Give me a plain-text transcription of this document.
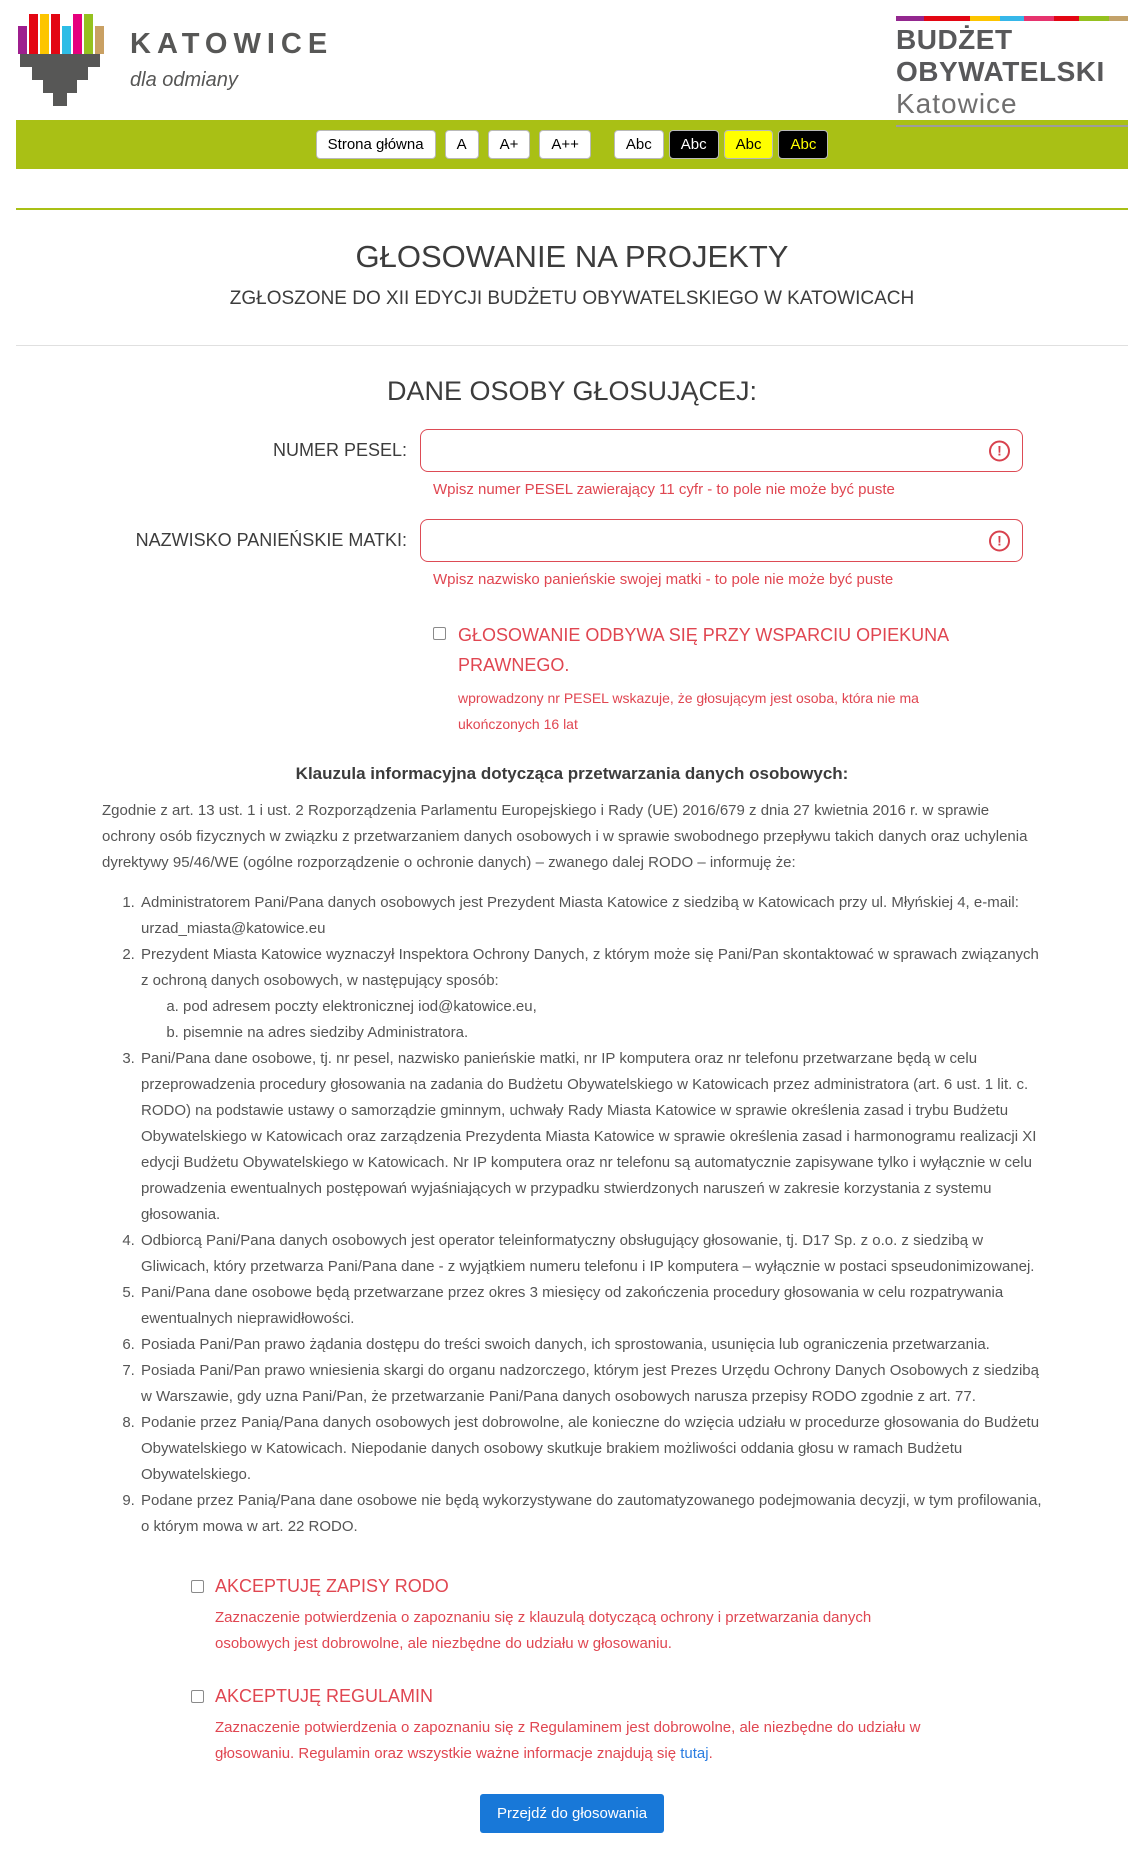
KATOWICE
dla odmiany
BUDŻET
OBYWATELSKI
Katowice
Strona główna	A	A+	A++	Abc	Abc	Abc	Abc
GŁOSOWANIE NA PROJEKTY
ZGŁOSZONE DO XII EDYCJI BUDŻETU OBYWATELSKIEGO W KATOWICACH
DANE OSOBY GŁOSUJĄCEJ:
NUMER PESEL:	!
Wpisz numer PESEL zawierający 11 cyfr - to pole nie może być puste
NAZWISKO PANIEŃSKIE MATKI:	!
Wpisz nazwisko panieńskie swojej matki - to pole nie może być puste
GŁOSOWANIE ODBYWA SIĘ PRZY WSPARCIU OPIEKUNA PRAWNEGO.

wprowadzony nr PESEL wskazuje, że głosującym jest osoba, która nie ma ukończonych 16 lat

Klauzula informacyjna dotycząca przetwarzania danych osobowych:

Zgodnie z art. 13 ust. 1 i ust. 2 Rozporządzenia Parlamentu Europejskiego i Rady (UE) 2016/679 z dnia 27 kwietnia 2016 r. w sprawie ochrony osób fizycznych w związku z przetwarzaniem danych osobowych i w sprawie swobodnego przepływu takich danych oraz uchylenia dyrektywy 95/46/WE (ogólne rozporządzenie o ochronie danych) – zwanego dalej RODO – informuję że:

1. Administratorem Pani/Pana danych osobowych jest Prezydent Miasta Katowice z siedzibą w Katowicach przy ul. Młyńskiej 4, e-mail: urzad_miasta@katowice.eu
2. Prezydent Miasta Katowice wyznaczył Inspektora Ochrony Danych, z którym może się Pani/Pan skontaktować w sprawach związanych z ochroną danych osobowych, w następujący sposób:
a. pod adresem poczty elektronicznej iod@katowice.eu,
b. pisemnie na adres siedziby Administratora.
3. Pani/Pana dane osobowe, tj. nr pesel, nazwisko panieńskie matki, nr IP komputera oraz nr telefonu przetwarzane będą w celu przeprowadzenia procedury głosowania na zadania do Budżetu Obywatelskiego w Katowicach przez administratora (art. 6 ust. 1 lit. c. RODO) na podstawie ustawy o samorządzie gminnym, uchwały Rady Miasta Katowice w sprawie określenia zasad i trybu Budżetu Obywatelskiego w Katowicach oraz zarządzenia Prezydenta Miasta Katowice w sprawie określenia zasad i harmonogramu realizacji XI edycji Budżetu Obywatelskiego w Katowicach. Nr IP komputera oraz nr telefonu są automatycznie zapisywane tylko i wyłącznie w celu prowadzenia ewentualnych postępowań wyjaśniających w przypadku stwierdzonych naruszeń w zakresie korzystania z systemu głosowania.
4. Odbiorcą Pani/Pana danych osobowych jest operator teleinformatyczny obsługujący głosowanie, tj. D17 Sp. z o.o. z siedzibą w Gliwicach, który przetwarza Pani/Pana dane - z wyjątkiem numeru telefonu i IP komputera – wyłącznie w postaci spseudonimizowanej.
5. Pani/Pana dane osobowe będą przetwarzane przez okres 3 miesięcy od zakończenia procedury głosowania w celu rozpatrywania ewentualnych nieprawidłowości.
6. Posiada Pani/Pan prawo żądania dostępu do treści swoich danych, ich sprostowania, usunięcia lub ograniczenia przetwarzania.
7. Posiada Pani/Pan prawo wniesienia skargi do organu nadzorczego, którym jest Prezes Urzędu Ochrony Danych Osobowych z siedzibą w Warszawie, gdy uzna Pani/Pan, że przetwarzanie Pani/Pana danych osobowych narusza przepisy RODO zgodnie z art. 77.
8. Podanie przez Panią/Pana danych osobowych jest dobrowolne, ale konieczne do wzięcia udziału w procedurze głosowania do Budżetu Obywatelskiego w Katowicach. Niepodanie danych osobowy skutkuje brakiem możliwości oddania głosu w ramach Budżetu Obywatelskiego.
9. Podane przez Panią/Pana dane osobowe nie będą wykorzystywane do zautomatyzowanego podejmowania decyzji, w tym profilowania, o którym mowa w art. 22 RODO.
AKCEPTUJĘ ZAPISY RODO

Zaznaczenie potwierdzenia o zapoznaniu się z klauzulą dotyczącą ochrony i przetwarzania danych osobowych jest dobrowolne, ale niezbędne do udziału w głosowaniu.

AKCEPTUJĘ REGULAMIN

Zaznaczenie potwierdzenia o zapoznaniu się z Regulaminem jest dobrowolne, ale niezbędne do udziału w głosowaniu. Regulamin oraz wszystkie ważne informacje znajdują się tutaj.

Przejdź do głosowania
